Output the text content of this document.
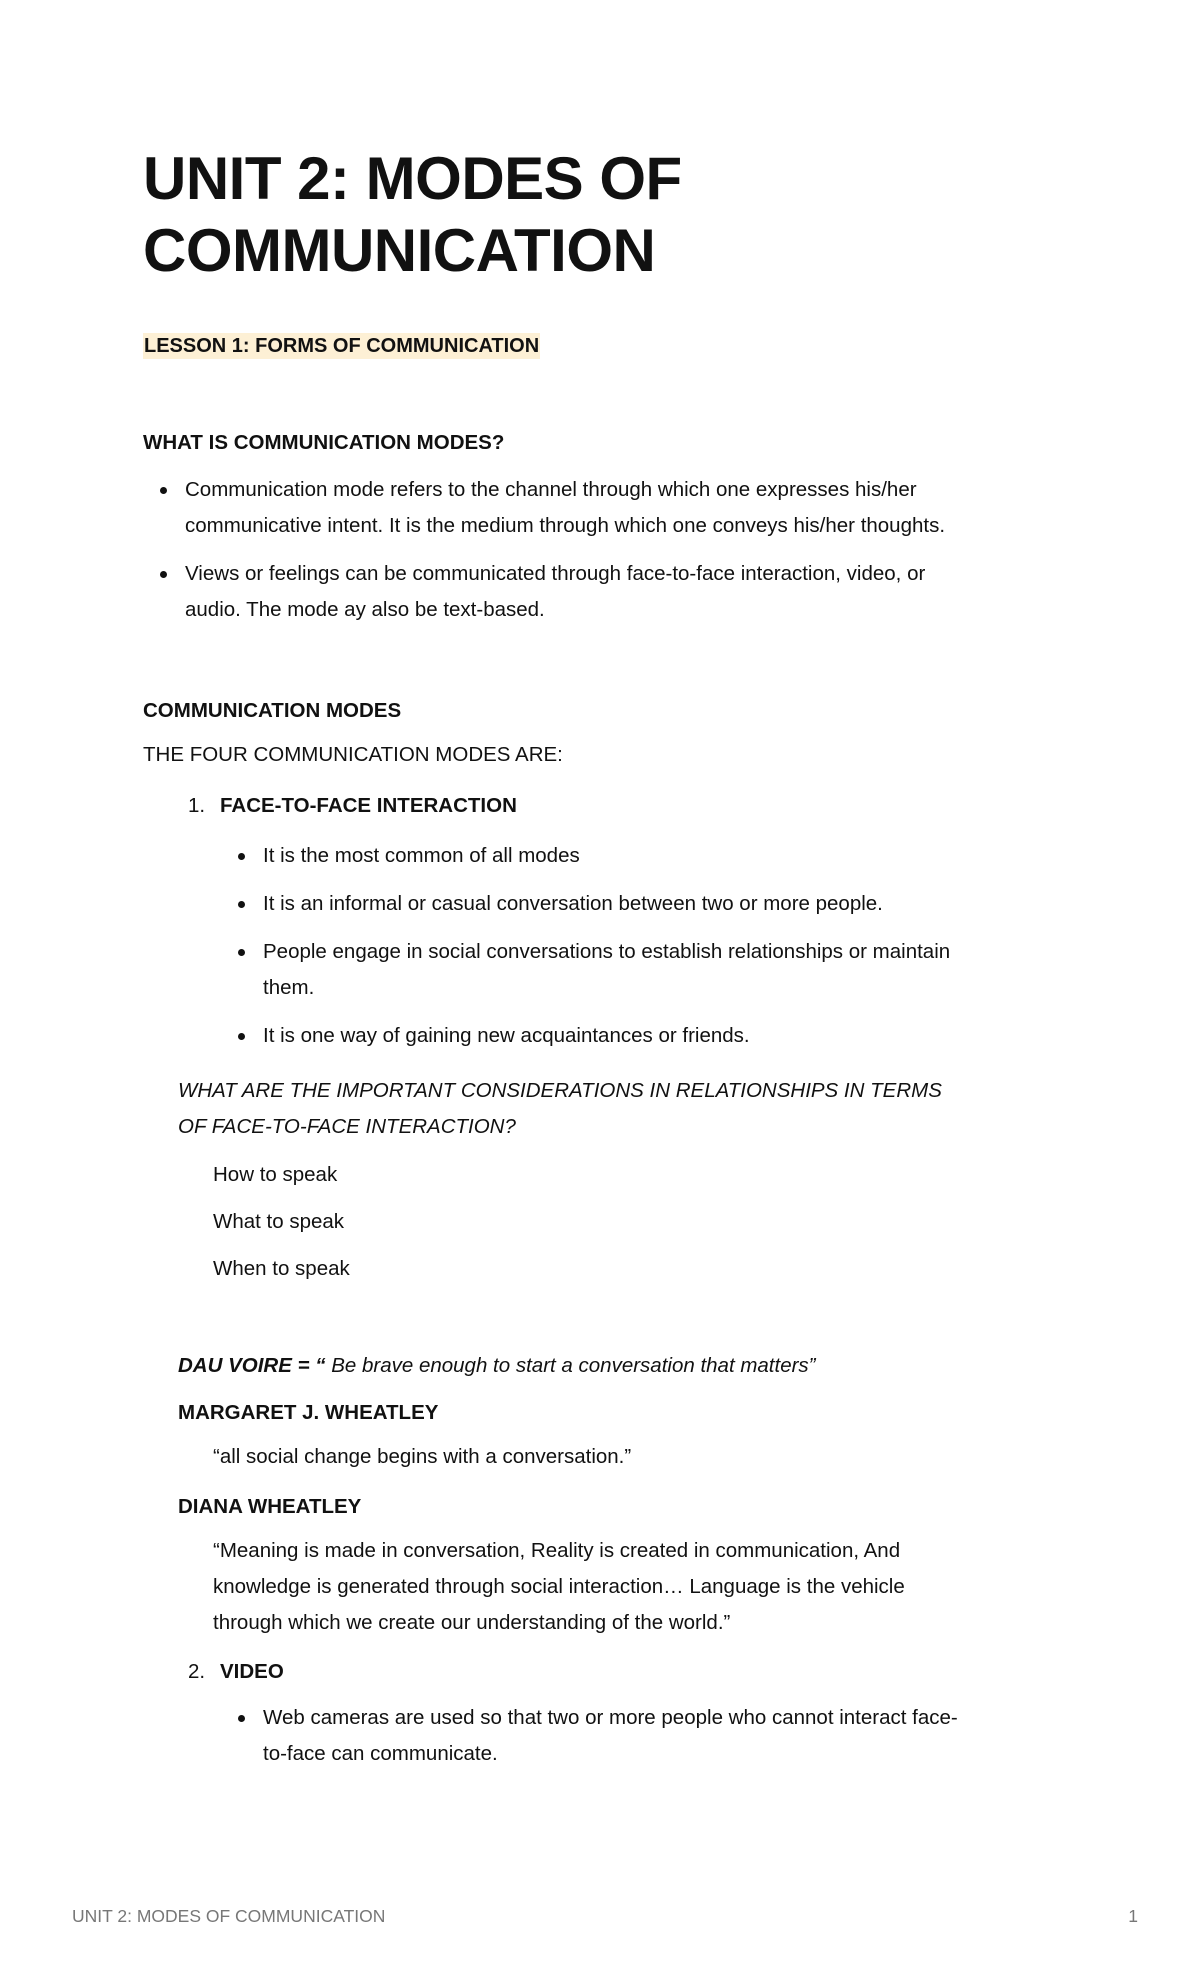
UNIT 2: MODES OF
COMMUNICATION
LESSON 1: FORMS OF COMMUNICATION
WHAT IS COMMUNICATION MODES?
Communication mode refers to the channel through which one expresses his/her
communicative intent. It is the medium through which one conveys his/her thoughts.
Views or feelings can be communicated through face-to-face interaction, video, or
audio. The mode ay also be text-based.
COMMUNICATION MODES
THE FOUR COMMUNICATION MODES ARE:
1. FACE-TO-FACE INTERACTION
It is the most common of all modes
It is an informal or casual conversation between two or more people.
People engage in social conversations to establish relationships or maintain
them.
It is one way of gaining new acquaintances or friends.
WHAT ARE THE IMPORTANT CONSIDERATIONS IN RELATIONSHIPS IN TERMS
OF FACE-TO-FACE INTERACTION?
How to speak
What to speak
When to speak
DAU VOIRE = “ Be brave enough to start a conversation that matters”
MARGARET J. WHEATLEY
“all social change begins with a conversation.”
DIANA WHEATLEY
“Meaning is made in conversation, Reality is created in communication, And
knowledge is generated through social interaction… Language is the vehicle
through which we create our understanding of the world.”
2. VIDEO
Web cameras are used so that two or more people who cannot interact face-
to-face can communicate.
UNIT 2: MODES OF COMMUNICATION	1
